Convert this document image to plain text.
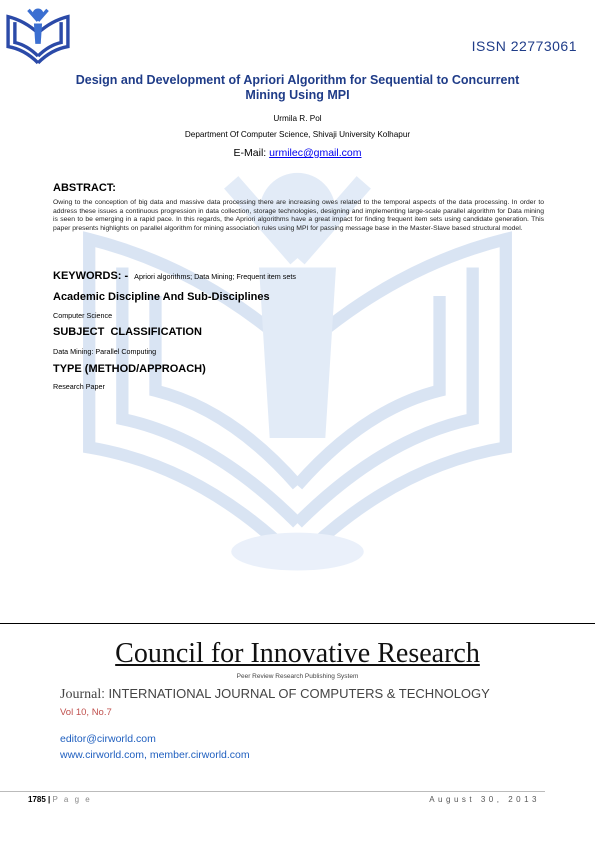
ISSN 22773061
Design and Development of Apriori Algorithm for Sequential to Concurrent Mining Using MPI
Urmila R. Pol
Department Of Computer Science, Shivaji University Kolhapur
E-Mail: urmilec@gmail.com
ABSTRACT:
Owing to the conception of big data and massive data processing there are increasing owes related to the temporal aspects of the data processing. In order to address these issues a continuous progression in data collection, storage technologies, designing and implementing large-scale parallel algorithm for Data mining is seen to be emerging in a rapid pace. In this regards, the Apriori algorithms have a great impact for finding frequent item sets using candidate generation. This paper presents highlights on parallel algorithm for mining association rules using MPI for passing message base in the Master-Slave based structural model.
KEYWORDS: - Apriori algorithms; Data Mining; Frequent item sets
Academic Discipline And Sub-Disciplines
Computer Science
SUBJECT  CLASSIFICATION
Data Mining: Parallel Computing
TYPE (METHOD/APPROACH)
Research Paper
Council for Innovative Research
Peer Review Research Publishing System
Journal: INTERNATIONAL JOURNAL OF COMPUTERS & TECHNOLOGY
Vol 10, No.7
editor@cirworld.com
www.cirworld.com, member.cirworld.com
1785 | P a g e	August 30, 2013
